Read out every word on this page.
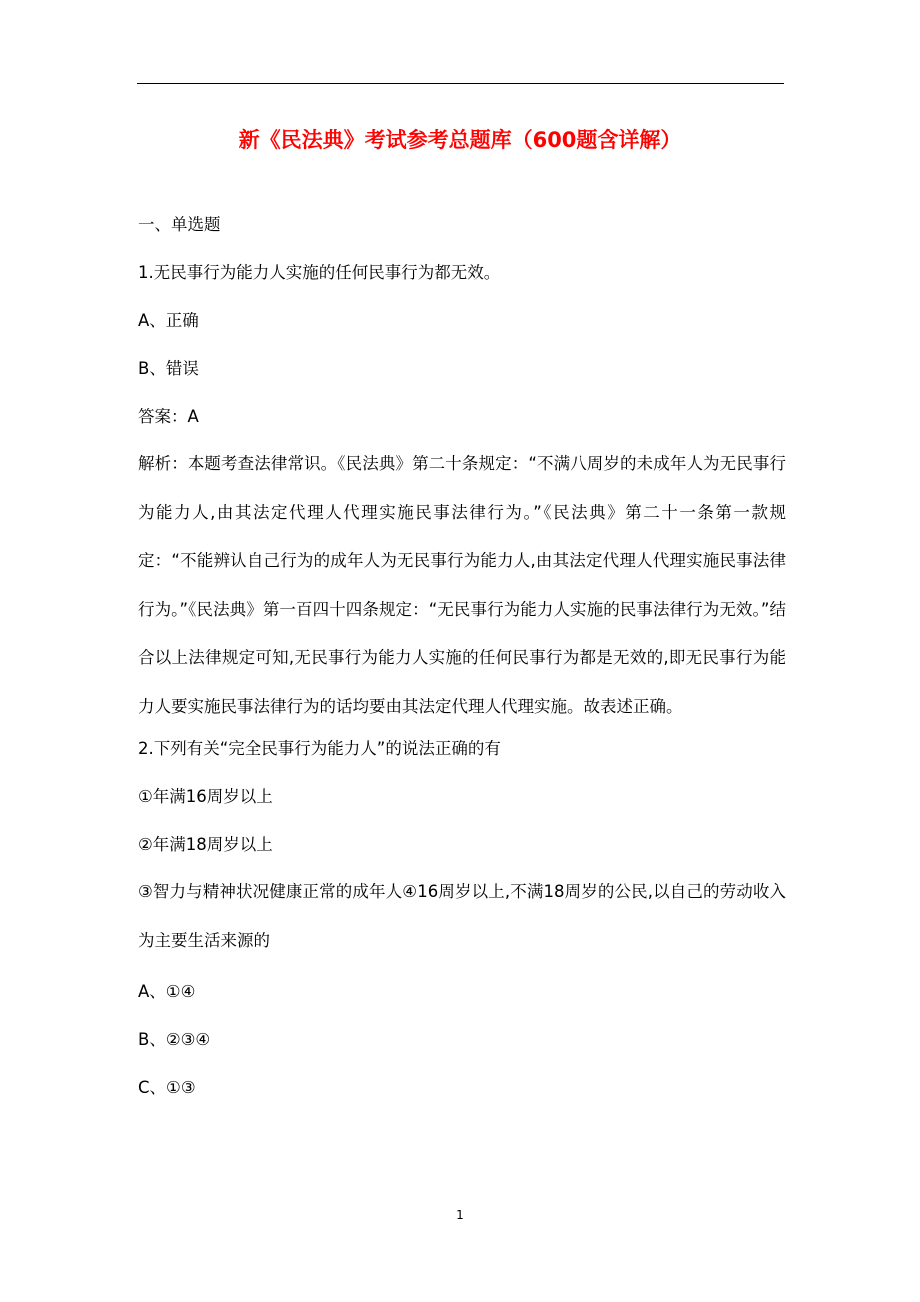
新《民法典》考试参考总题库（600题含详解）
一、单选题
1.无民事行为能力人实施的任何民事行为都无效。
A、正确
B、错误
答案：A

解析：本题考查法律常识。《民法典》第二十条规定：“不满八周岁的未成年人为无民事行为能力人,由其法定代理人代理实施民事法律行为。”《民法典》第二十一条第一款规定：“不能辨认自己行为的成年人为无民事行为能力人,由其法定代理人代理实施民事法律行为。”《民法典》第一百四十四条规定：“无民事行为能力人实施的民事法律行为无效。”结合以上法律规定可知,无民事行为能力人实施的任何民事行为都是无效的,即无民事行为能力人要实施民事法律行为的话均要由其法定代理人代理实施。故表述正确。

2.下列有关“完全民事行为能力人”的说法正确的有
①年满16周岁以上
②年满18周岁以上

③智力与精神状况健康正常的成年人④16周岁以上,不满18周岁的公民,以自己的劳动收入为主要生活来源的

A、①④
B、②③④
C、①③
1
